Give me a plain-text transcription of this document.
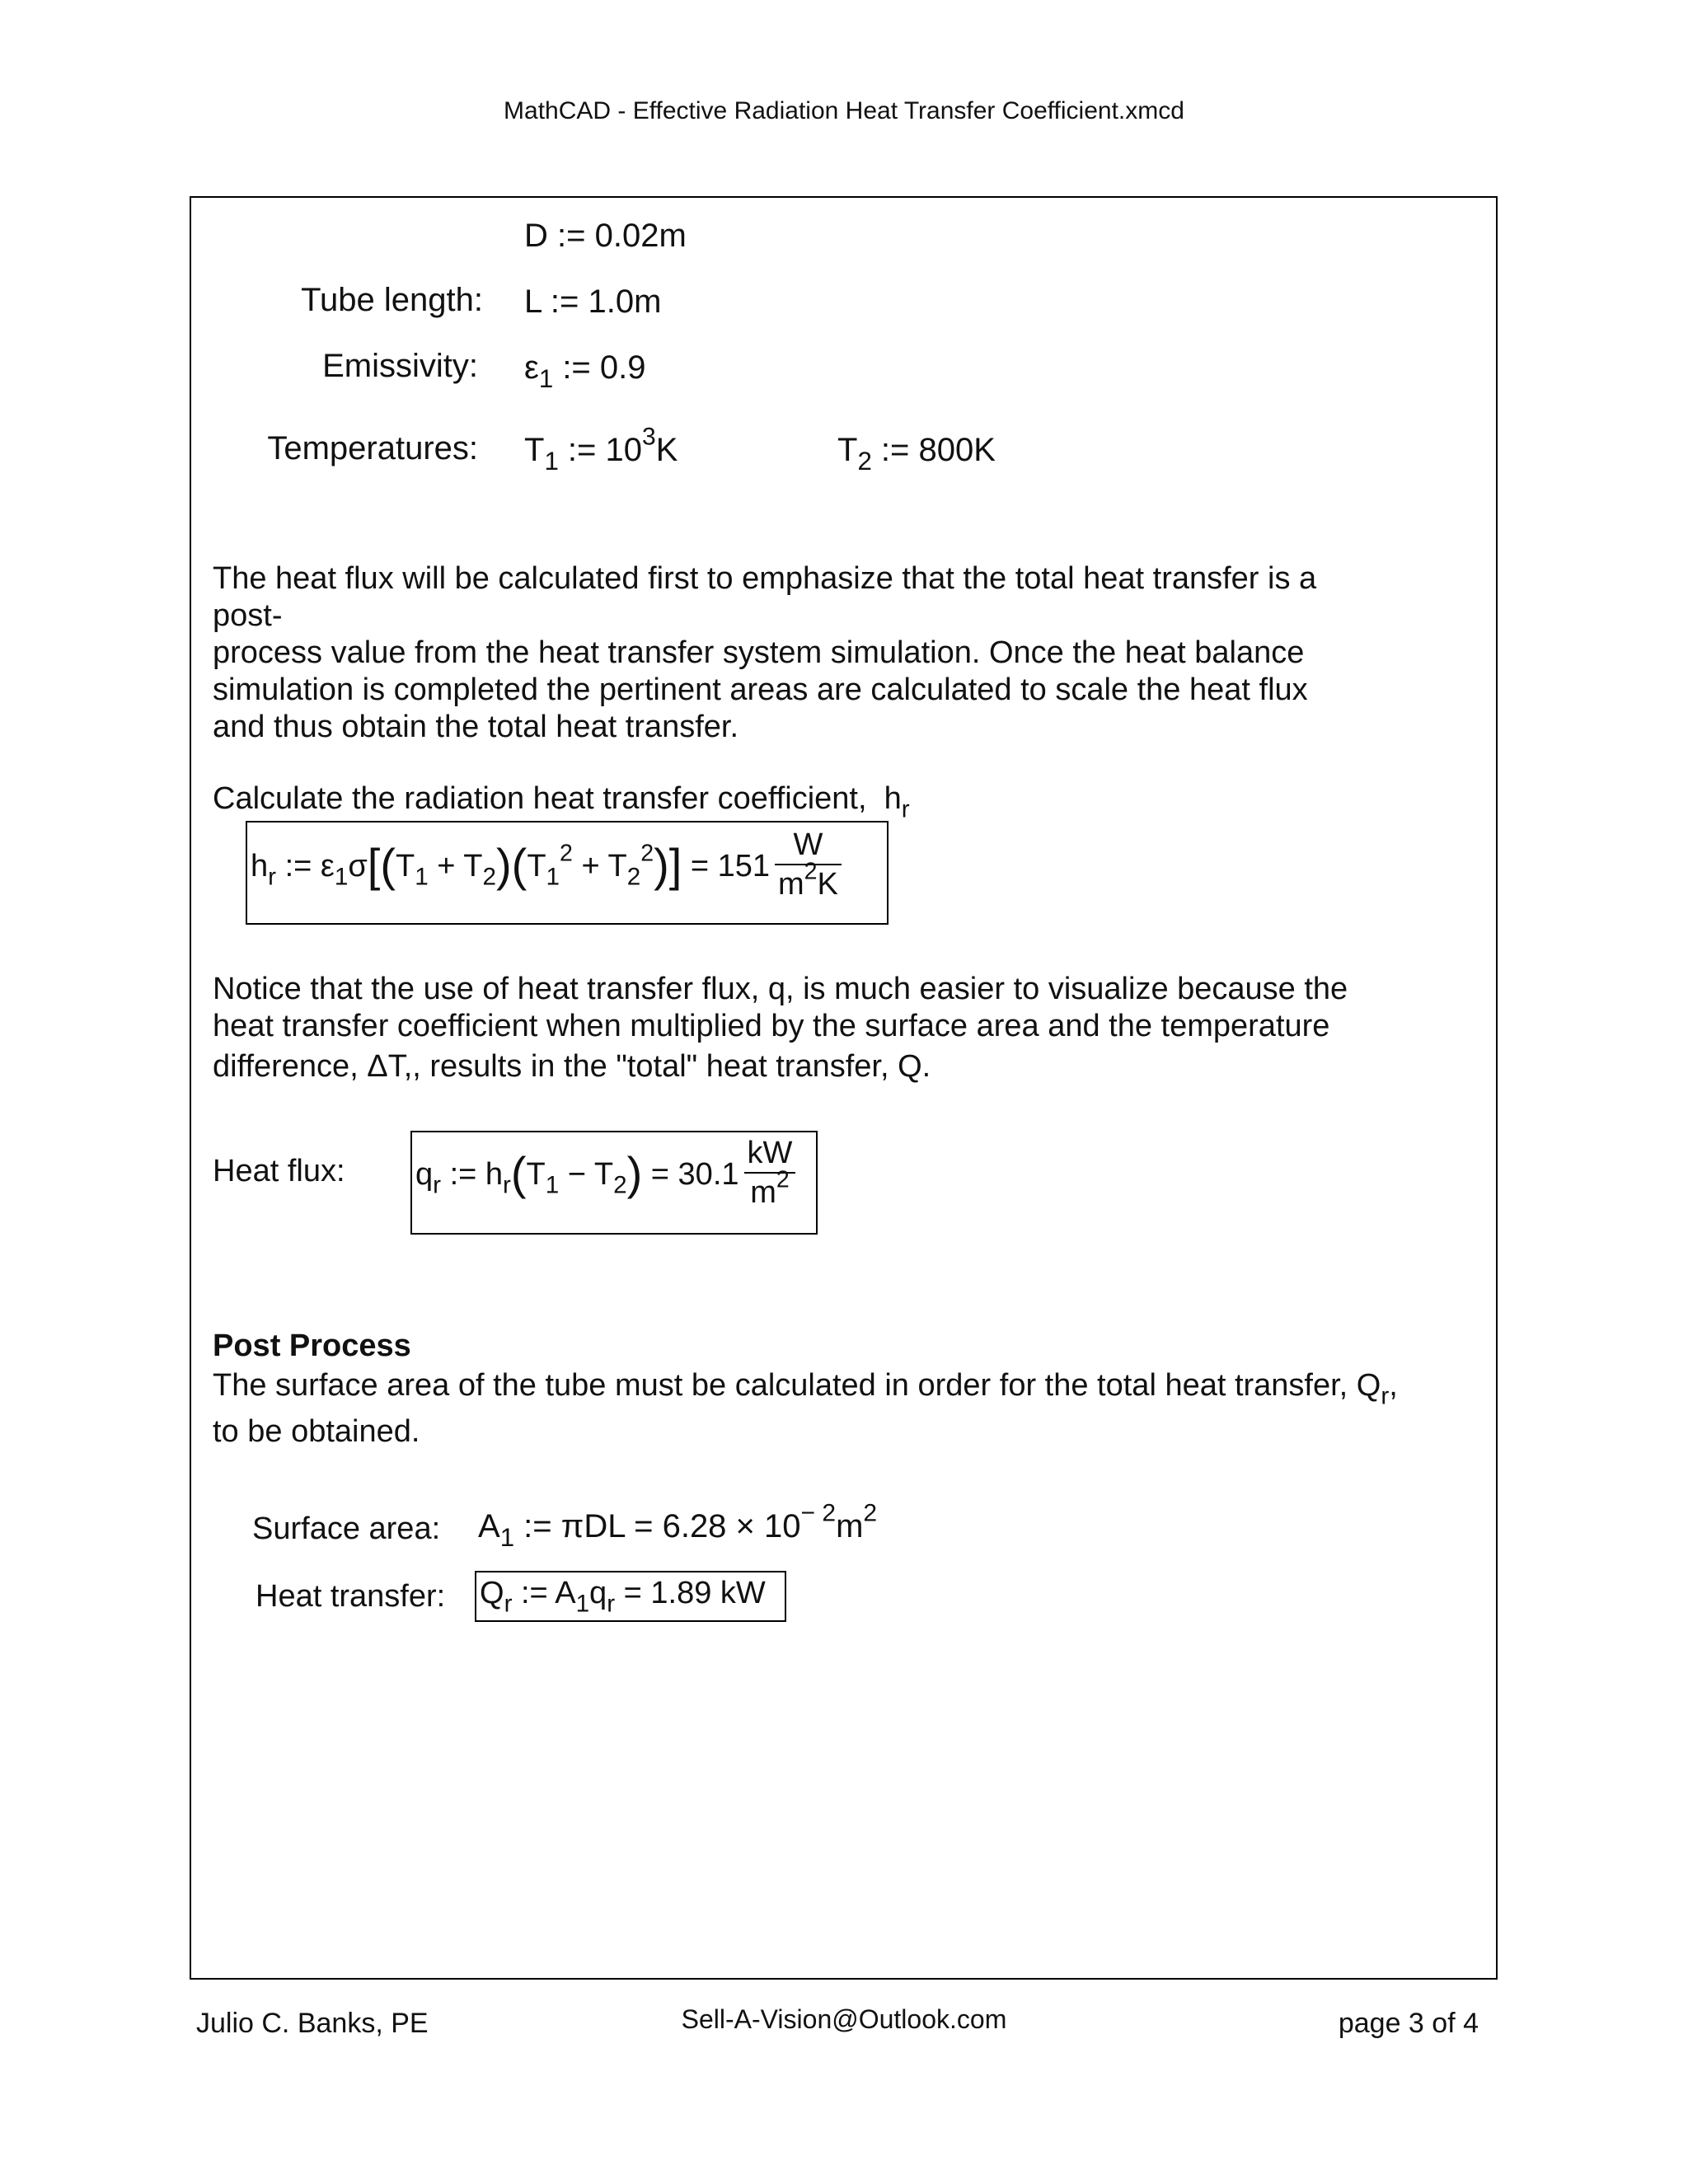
MathCAD - Effective Radiation Heat Transfer Coefficient.xmcd
D := 0.02m
Tube length: L := 1.0m
Emissivity: $\varepsilon_1$ := 0.9
Temperatures: $T_1$ := $10^3K$	$T_2$ := 800K
The heat flux will be calculated first to emphasize that the total heat transfer is a
post-
process value from the heat transfer system simulation. Once the heat balance
simulation is completed the pertinent areas are calculated to scale the heat flux
and thus obtain the total heat transfer.
Calculate the radiation heat transfer coefficient,  $h_r$
$h_r$ := $\varepsilon_1\sigma[(T_1 + T_2)(T_1^2 + T_2^2)] = 151 \frac{W}{m^2K}$
Notice that the use of heat transfer flux, q, is much easier to visualize because the
heat transfer coefficient when multiplied by the surface area and the temperature
difference, ΔT,, results in the "total" heat transfer, Q.
Heat flux: $q_r$ := $h_r(T_1 - T_2) = 30.1 \frac{kW}{m^2}$
Post Process
The surface area of the tube must be calculated in order for the total heat transfer, $Q_r$,
to be obtained.
Surface area: $A_1$ := $\pi DL = 6.28 \times 10^{- 2}m^2$
Heat transfer: $Q_r$ := $A_1q_r = 1.89$ kW
Julio C. Banks, PE	Sell-A-Vision@Outlook.com	page 3 of 4
